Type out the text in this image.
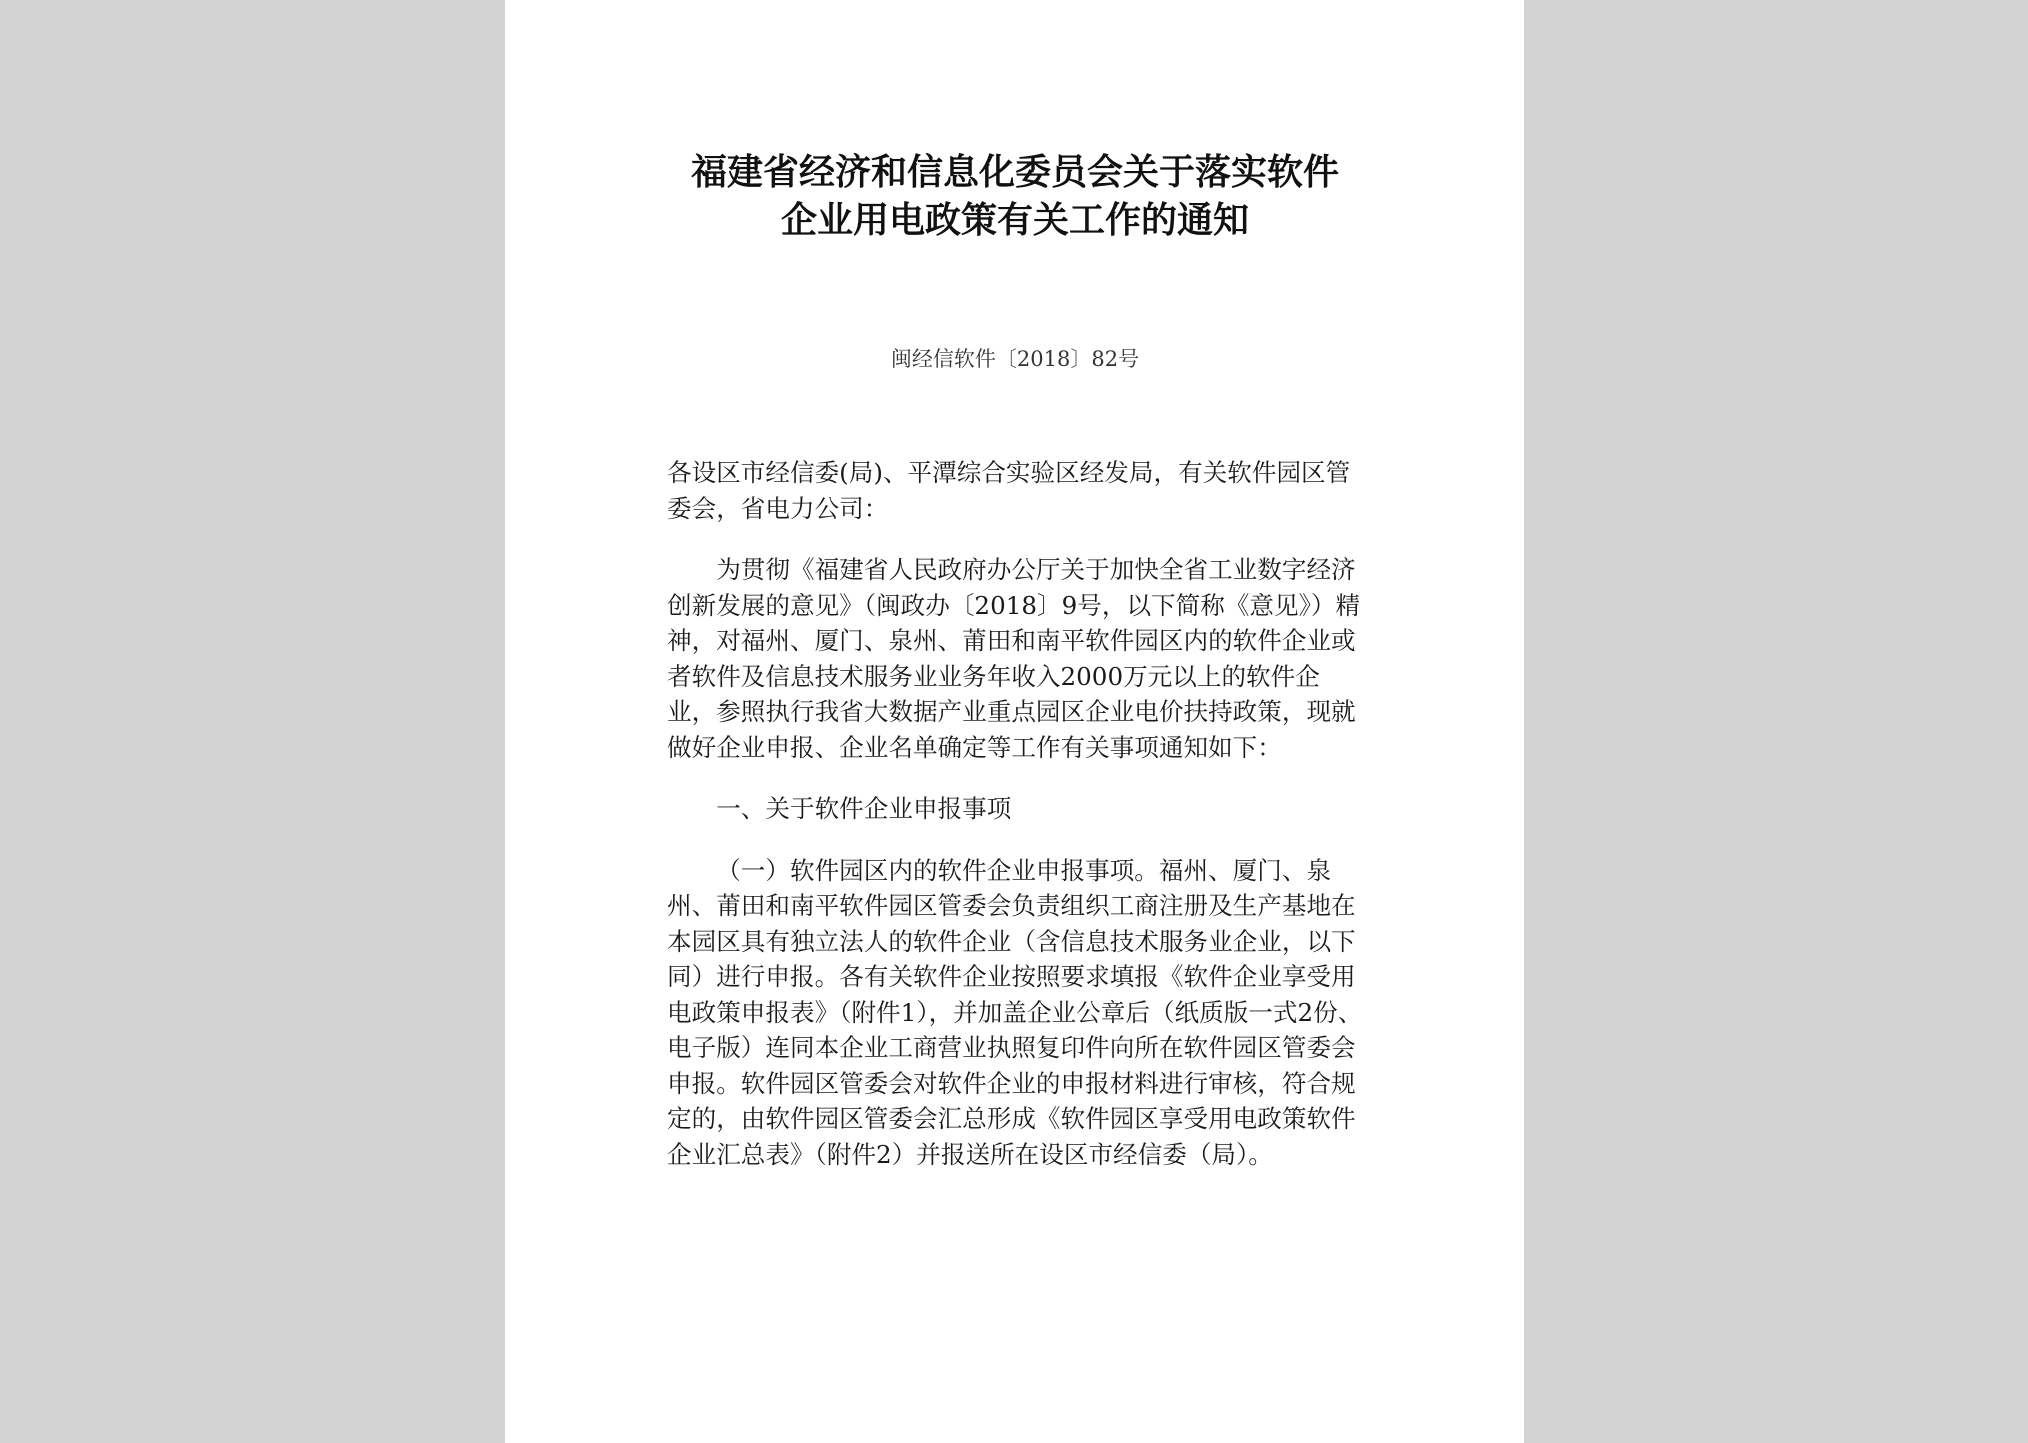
福建省经济和信息化委员会关于落实软件
企业用电政策有关工作的通知
闽经信软件〔2018〕82号

各设区市经信委(局)、平潭综合实验区经发局，有关软件园区管委会，省电力公司：

为贯彻《福建省人民政府办公厅关于加快全省工业数字经济创新发展的意见》（闽政办〔2018〕9号，以下简称《意见》）精神，对福州、厦门、泉州、莆田和南平软件园区内的软件企业或者软件及信息技术服务业业务年收入2000万元以上的软件企业，参照执行我省大数据产业重点园区企业电价扶持政策，现就做好企业申报、企业名单确定等工作有关事项通知如下：

一、关于软件企业申报事项

（一）软件园区内的软件企业申报事项。福州、厦门、泉州、莆田和南平软件园区管委会负责组织工商注册及生产基地在本园区具有独立法人的软件企业（含信息技术服务业企业，以下同）进行申报。各有关软件企业按照要求填报《软件企业享受用电政策申报表》（附件1），并加盖企业公章后（纸质版一式2份、电子版）连同本企业工商营业执照复印件向所在软件园区管委会申报。软件园区管委会对软件企业的申报材料进行审核，符合规定的，由软件园区管委会汇总形成《软件园区享受用电政策软件企业汇总表》（附件2）并报送所在设区市经信委（局）。
